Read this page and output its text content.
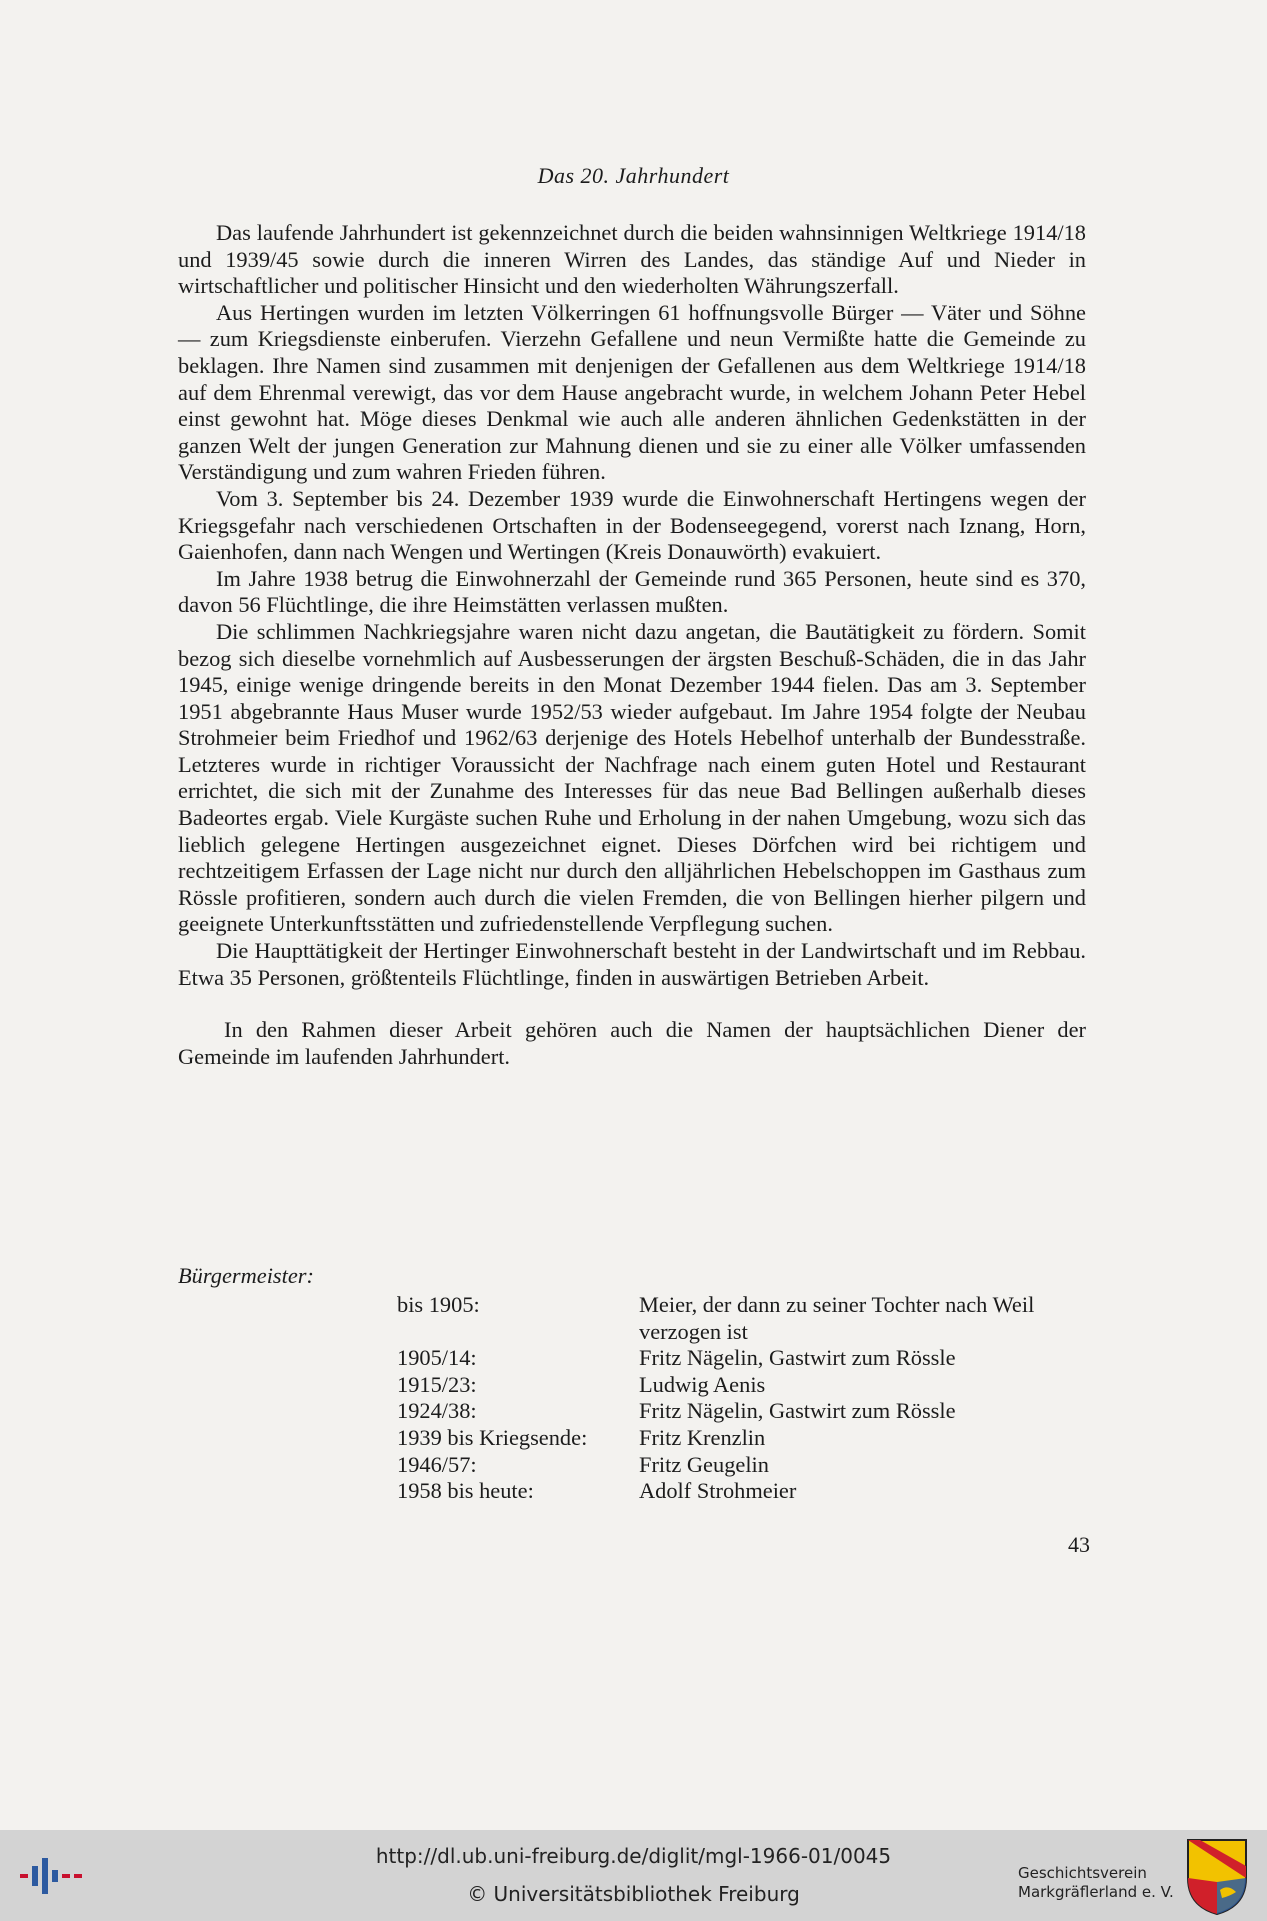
Das 20. Jahrhundert

Das laufende Jahrhundert ist gekennzeichnet durch die beiden wahnsinnigen Weltkriege 1914/18 und 1939/45 sowie durch die inneren Wirren des Landes, das ständige Auf und Nieder in wirtschaftlicher und politischer Hinsicht und den wiederholten Währungszerfall.

Aus Hertingen wurden im letzten Völkerringen 61 hoffnungsvolle Bürger — Väter und Söhne — zum Kriegsdienste einberufen. Vierzehn Gefallene und neun Vermißte hatte die Gemeinde zu beklagen. Ihre Namen sind zusammen mit denjenigen der Gefallenen aus dem Weltkriege 1914/18 auf dem Ehrenmal verewigt, das vor dem Hause angebracht wurde, in welchem Johann Peter Hebel einst gewohnt hat. Möge dieses Denkmal wie auch alle anderen ähnlichen Gedenkstätten in der ganzen Welt der jungen Generation zur Mahnung dienen und sie zu einer alle Völker umfassenden Verständigung und zum wahren Frieden führen.

Vom 3. September bis 24. Dezember 1939 wurde die Einwohnerschaft Hertingens wegen der Kriegsgefahr nach verschiedenen Ortschaften in der Bodenseegegend, vorerst nach Iznang, Horn, Gaienhofen, dann nach Wengen und Wertingen (Kreis Donauwörth) evakuiert.

Im Jahre 1938 betrug die Einwohnerzahl der Gemeinde rund 365 Personen, heute sind es 370, davon 56 Flüchtlinge, die ihre Heimstätten verlassen mußten.

Die schlimmen Nachkriegsjahre waren nicht dazu angetan, die Bautätigkeit zu fördern. Somit bezog sich dieselbe vornehmlich auf Ausbesserungen der ärgsten Beschuß-Schäden, die in das Jahr 1945, einige wenige dringende bereits in den Monat Dezember 1944 fielen. Das am 3. September 1951 abgebrannte Haus Muser wurde 1952/53 wieder aufgebaut. Im Jahre 1954 folgte der Neubau Strohmeier beim Friedhof und 1962/63 derjenige des Hotels Hebelhof unterhalb der Bundesstraße. Letzteres wurde in richtiger Voraussicht der Nachfrage nach einem guten Hotel und Restaurant errichtet, die sich mit der Zunahme des Interesses für das neue Bad Bellingen außerhalb dieses Badeortes ergab. Viele Kurgäste suchen Ruhe und Erholung in der nahen Umgebung, wozu sich das lieblich gelegene Hertingen ausgezeichnet eignet. Dieses Dörfchen wird bei richtigem und rechtzeitigem Erfassen der Lage nicht nur durch den alljährlichen Hebelschoppen im Gasthaus zum Rössle profitieren, sondern auch durch die vielen Fremden, die von Bellingen hierher pilgern und geeignete Unterkunftsstätten und zufriedenstellende Verpflegung suchen.

Die Haupttätigkeit der Hertinger Einwohnerschaft besteht in der Landwirtschaft und im Rebbau. Etwa 35 Personen, größtenteils Flüchtlinge, finden in auswärtigen Betrieben Arbeit.

In den Rahmen dieser Arbeit gehören auch die Namen der hauptsächlichen Diener der Gemeinde im laufenden Jahrhundert.

Bürgermeister:
bis 1905:	Meier, der dann zu seiner Tochter nach Weil verzogen ist
1905/14:	Fritz Nägelin, Gastwirt zum Rössle
1915/23:	Ludwig Aenis
1924/38:	Fritz Nägelin, Gastwirt zum Rössle
1939 bis Kriegsende:	Fritz Krenzlin
1946/57:	Fritz Geugelin
1958 bis heute:	Adolf Strohmeier
43
http://dl.ub.uni-freiburg.de/diglit/mgl-1966-01/0045
© Universitätsbibliothek Freiburg
Geschichtsverein
Markgräflerland e. V.
